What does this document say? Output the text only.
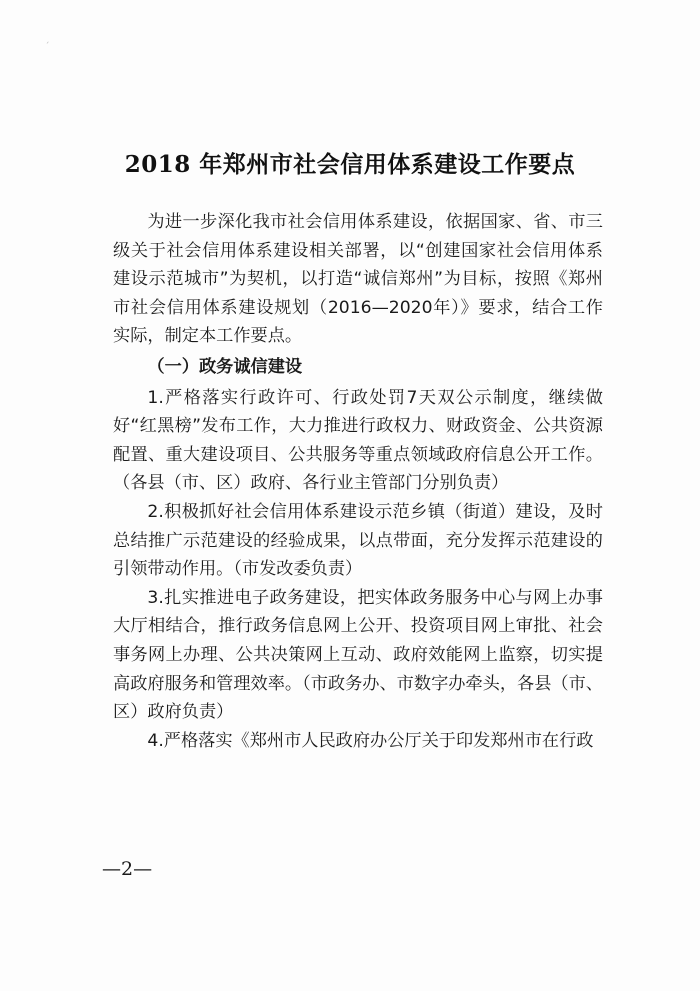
ˊ
2018 年郑州市社会信用体系建设工作要点

为进一步深化我市社会信用体系建设，依据国家、省、市三级关于社会信用体系建设相关部署，以“创建国家社会信用体系建设示范城市”为契机，以打造“诚信郑州”为目标，按照《郑州市社会信用体系建设规划（2016—2020年）》要求，结合工作实际，制定本工作要点。

（一）政务诚信建设

1.严格落实行政许可、行政处罚7天双公示制度，继续做好“红黑榜”发布工作，大力推进行政权力、财政资金、公共资源配置、重大建设项目、公共服务等重点领域政府信息公开工作。（各县（市、区）政府、各行业主管部门分别负责）

2.积极抓好社会信用体系建设示范乡镇（街道）建设，及时总结推广示范建设的经验成果，以点带面，充分发挥示范建设的引领带动作用。（市发改委负责）

3.扎实推进电子政务建设，把实体政务服务中心与网上办事大厅相结合，推行政务信息网上公开、投资项目网上审批、社会事务网上办理、公共决策网上互动、政府效能网上监察，切实提高政府服务和管理效率。（市政务办、市数字办牵头，各县（市、区）政府负责）

4.严格落实《郑州市人民政府办公厅关于印发郑州市在行政

—2—
